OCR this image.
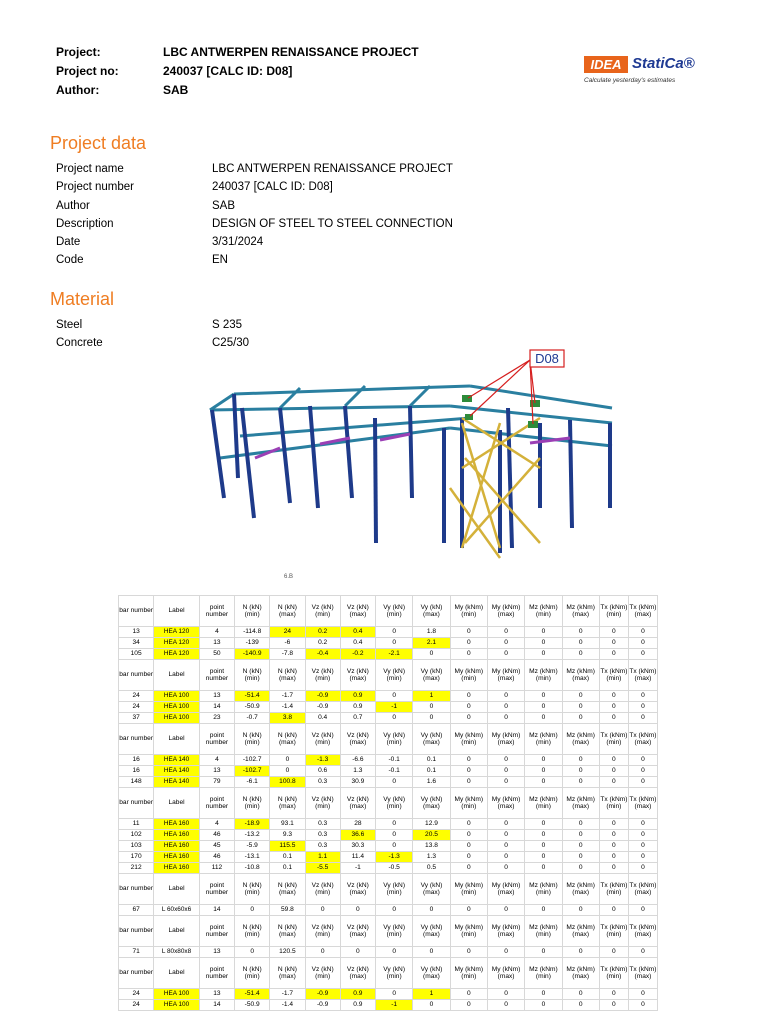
Project:	LBC ANTWERPEN RENAISSANCE PROJECT
Project no:	240037 [CALC ID: D08]
Author:	SAB
IDEA StatiCa®
Calculate yesterday's estimates
Project data
Project name	LBC ANTWERPEN RENAISSANCE PROJECT
Project number	240037 [CALC ID: D08]
Author	SAB
Description	DESIGN OF STEEL TO STEEL CONNECTION
Date	3/31/2024
Code	EN
Material
Steel	S 235
Concrete	C25/30
D08
6.B
bar number	Label	point number	N (kN) (min)	N (kN) (max)	Vz (kN) (min)	Vz (kN) (max)	Vy (kN) (min)	Vy (kN) (max)	My (kNm) (min)	My (kNm) (max)	Mz (kNm) (min)	Mz (kNm) (max)	Tx (kNm) (min)	Tx (kNm) (max)
13	HEA 120	4	-114.8	24	0.2	0.4	0	1.8	0	0	0	0	0	0
34	HEA 120	13	-139	-6	0.2	0.4	0	2.1	0	0	0	0	0	0
105	HEA 120	50	-140.9	-7.8	-0.4	-0.2	-2.1	0	0	0	0	0	0	0
bar number	Label	point number	N (kN) (min)	N (kN) (max)	Vz (kN) (min)	Vz (kN) (max)	Vy (kN) (min)	Vy (kN) (max)	My (kNm) (min)	My (kNm) (max)	Mz (kNm) (min)	Mz (kNm) (max)	Tx (kNm) (min)	Tx (kNm) (max)
24	HEA 100	13	-51.4	-1.7	-0.9	0.9	0	1	0	0	0	0	0	0
24	HEA 100	14	-50.9	-1.4	-0.9	0.9	-1	0	0	0	0	0	0	0
37	HEA 100	23	-0.7	3.8	0.4	0.7	0	0	0	0	0	0	0	0
bar number	Label	point number	N (kN) (min)	N (kN) (max)	Vz (kN) (min)	Vz (kN) (max)	Vy (kN) (min)	Vy (kN) (max)	My (kNm) (min)	My (kNm) (max)	Mz (kNm) (min)	Mz (kNm) (max)	Tx (kNm) (min)	Tx (kNm) (max)
16	HEA 140	4	-102.7	0	-1.3	-6.6	-0.1	0.1	0	0	0	0	0	0
16	HEA 140	13	-102.7	0	0.6	1.3	-0.1	0.1	0	0	0	0	0	0
148	HEA 140	79	-6.1	100.8	0.3	30.9	0	1.6	0	0	0	0	0	0
bar number	Label	point number	N (kN) (min)	N (kN) (max)	Vz (kN) (min)	Vz (kN) (max)	Vy (kN) (min)	Vy (kN) (max)	My (kNm) (min)	My (kNm) (max)	Mz (kNm) (min)	Mz (kNm) (max)	Tx (kNm) (min)	Tx (kNm) (max)
11	HEA 160	4	-18.9	93.1	0.3	28	0	12.9	0	0	0	0	0	0
102	HEA 160	46	-13.2	9.3	0.3	36.6	0	20.5	0	0	0	0	0	0
103	HEA 160	45	-5.9	115.5	0.3	30.3	0	13.8	0	0	0	0	0	0
170	HEA 160	46	-13.1	0.1	1.1	11.4	-1.3	1.3	0	0	0	0	0	0
212	HEA 160	112	-10.8	0.1	-5.5	-1	-0.5	0.5	0	0	0	0	0	0
bar number	Label	point number	N (kN) (min)	N (kN) (max)	Vz (kN) (min)	Vz (kN) (max)	Vy (kN) (min)	Vy (kN) (max)	My (kNm) (min)	My (kNm) (max)	Mz (kNm) (min)	Mz (kNm) (max)	Tx (kNm) (min)	Tx (kNm) (max)
67	L 60x60x6	14	0	59.8	0	0	0	0	0	0	0	0	0	0
bar number	Label	point number	N (kN) (min)	N (kN) (max)	Vz (kN) (min)	Vz (kN) (max)	Vy (kN) (min)	Vy (kN) (max)	My (kNm) (min)	My (kNm) (max)	Mz (kNm) (min)	Mz (kNm) (max)	Tx (kNm) (min)	Tx (kNm) (max)
71	L 80x80x8	13	0	120.5	0	0	0	0	0	0	0	0	0	0
bar number	Label	point number	N (kN) (min)	N (kN) (max)	Vz (kN) (min)	Vz (kN) (max)	Vy (kN) (min)	Vy (kN) (max)	My (kNm) (min)	My (kNm) (max)	Mz (kNm) (min)	Mz (kNm) (max)	Tx (kNm) (min)	Tx (kNm) (max)
24	HEA 100	13	-51.4	-1.7	-0.9	0.9	0	1	0	0	0	0	0	0
24	HEA 100	14	-50.9	-1.4	-0.9	0.9	-1	0	0	0	0	0	0	0
